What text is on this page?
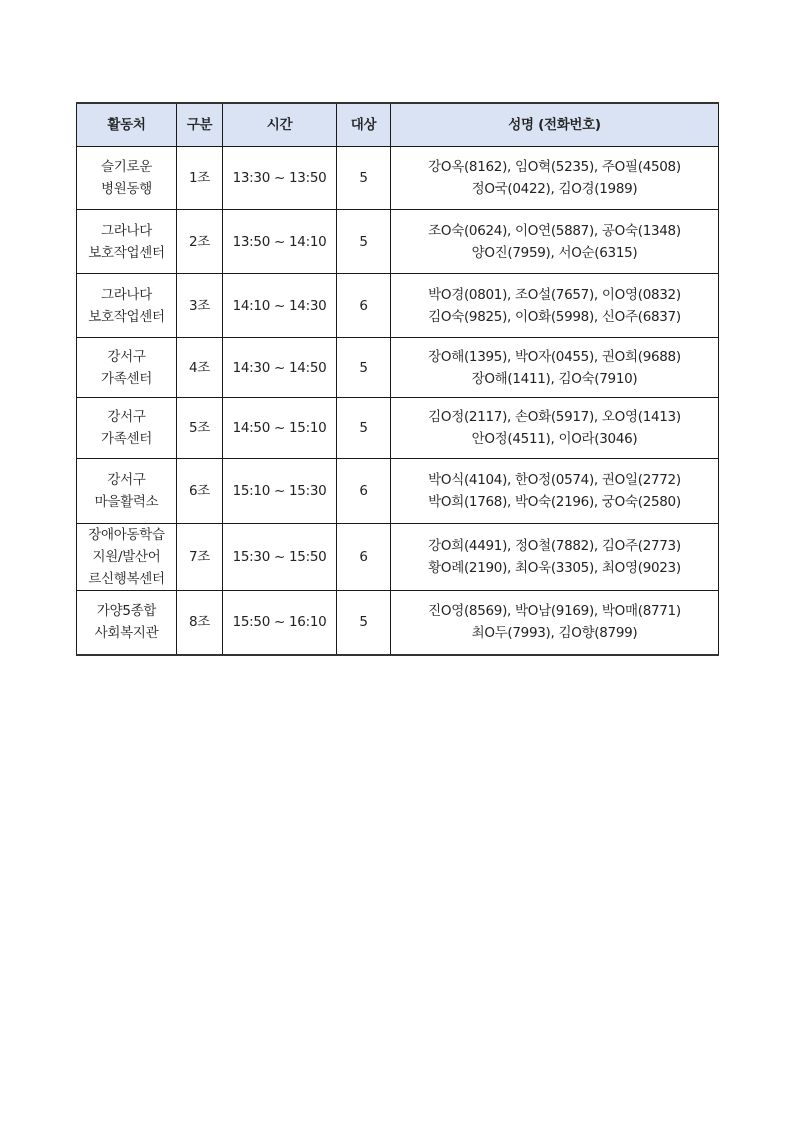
활동처	구분	시간	대상	성명 (전화번호)

슬기로운
병원동행	1조	13:30 ~ 13:50	5	강O옥(8162), 임O혁(5235), 주O필(4508)
정O국(0422), 김O경(1989)

그라나다
보호작업센터	2조	13:50 ~ 14:10	5	조O숙(0624), 이O연(5887), 공O숙(1348)
양O진(7959), 서O순(6315)

그라나다
보호작업센터	3조	14:10 ~ 14:30	6	박O경(0801), 조O설(7657), 이O영(0832)
김O숙(9825), 이O화(5998), 신O주(6837)

강서구
가족센터	4조	14:30 ~ 14:50	5	장O해(1395), 박O자(0455), 권O희(9688)
장O해(1411), 김O숙(7910)

강서구
가족센터	5조	14:50 ~ 15:10	5	김O정(2117), 손O화(5917), 오O영(1413)
안O정(4511), 이O라(3046)

강서구
마을활력소	6조	15:10 ~ 15:30	6	박O식(4104), 한O정(0574), 권O일(2772)
박O희(1768), 박O숙(2196), 궁O숙(2580)

장애아동학습
지원/발산어
르신행복센터	7조	15:30 ~ 15:50	6	강O희(4491), 정O철(7882), 김O주(2773)
황O례(2190), 최O욱(3305), 최O영(9023)

가양5종합
사회복지관	8조	15:50 ~ 16:10	5	진O영(8569), 박O남(9169), 박O매(8771)
최O두(7993), 김O향(8799)
